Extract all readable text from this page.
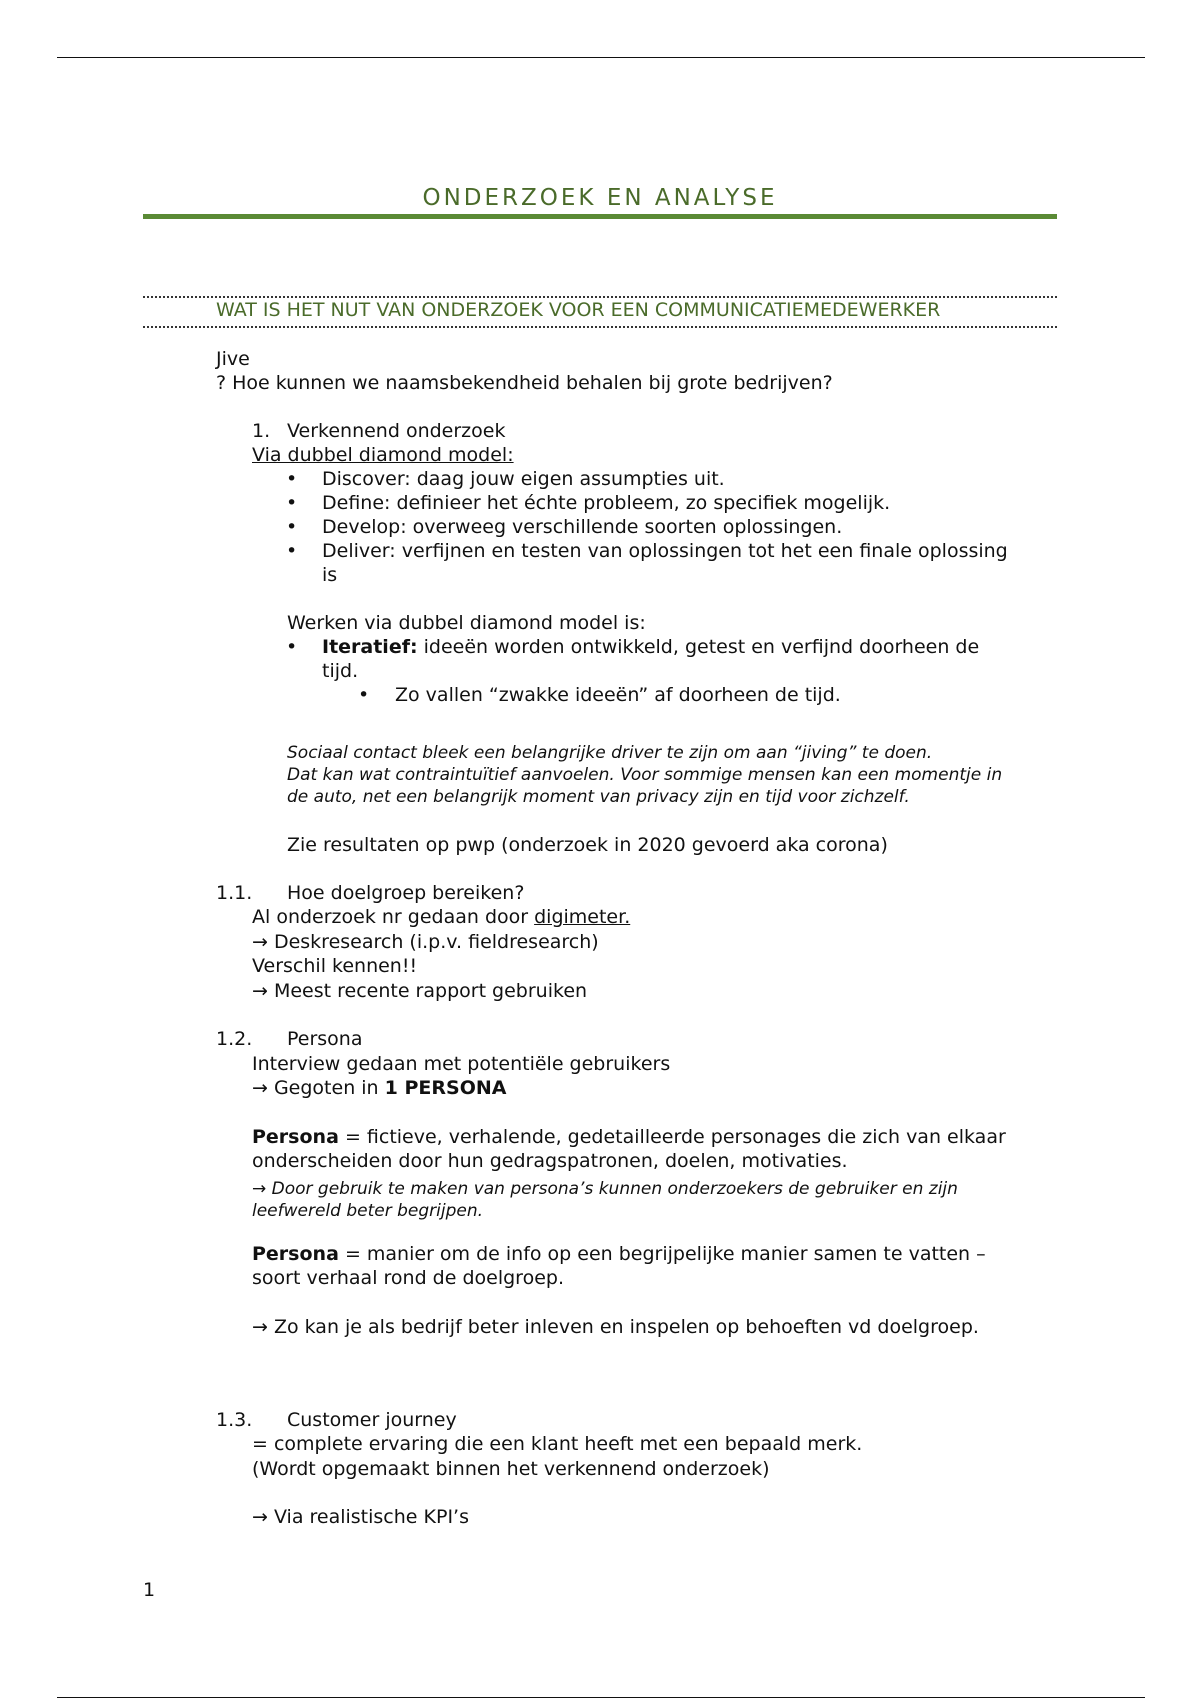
ONDERZOEK EN ANALYSE
WAT IS HET NUT VAN ONDERZOEK VOOR EEN COMMUNICATIEMEDEWERKER
Jive
? Hoe kunnen we naamsbekendheid behalen bij grote bedrijven?
1. Verkennend onderzoek
Via dubbel diamond model:
• Discover: daag jouw eigen assumpties uit.
• Define: definieer het échte probleem, zo specifiek mogelijk.
• Develop: overweeg verschillende soorten oplossingen.
• Deliver: verfijnen en testen van oplossingen tot het een finale oplossing
is
Werken via dubbel diamond model is:
• Iteratief: ideeën worden ontwikkeld, getest en verfijnd doorheen de
tijd.
• Zo vallen “zwakke ideeën” af doorheen de tijd.
Sociaal contact bleek een belangrijke driver te zijn om aan “jiving” te doen.
Dat kan wat contraintuïtief aanvoelen. Voor sommige mensen kan een momentje in
de auto, net een belangrijk moment van privacy zijn en tijd voor zichzelf.
Zie resultaten op pwp (onderzoek in 2020 gevoerd aka corona)
1.1. Hoe doelgroep bereiken?
Al onderzoek nr gedaan door digimeter.
→ Deskresearch (i.p.v. fieldresearch)
Verschil kennen!!
→ Meest recente rapport gebruiken
1.2. Persona
Interview gedaan met potentiële gebruikers
→ Gegoten in 1 PERSONA
Persona = fictieve, verhalende, gedetailleerde personages die zich van elkaar
onderscheiden door hun gedragspatronen, doelen, motivaties.
→ Door gebruik te maken van persona’s kunnen onderzoekers de gebruiker en zijn
leefwereld beter begrijpen.
Persona = manier om de info op een begrijpelijke manier samen te vatten –
soort verhaal rond de doelgroep.
→ Zo kan je als bedrijf beter inleven en inspelen op behoeften vd doelgroep.
1.3. Customer journey
= complete ervaring die een klant heeft met een bepaald merk.
(Wordt opgemaakt binnen het verkennend onderzoek)
→ Via realistische KPI’s
1
